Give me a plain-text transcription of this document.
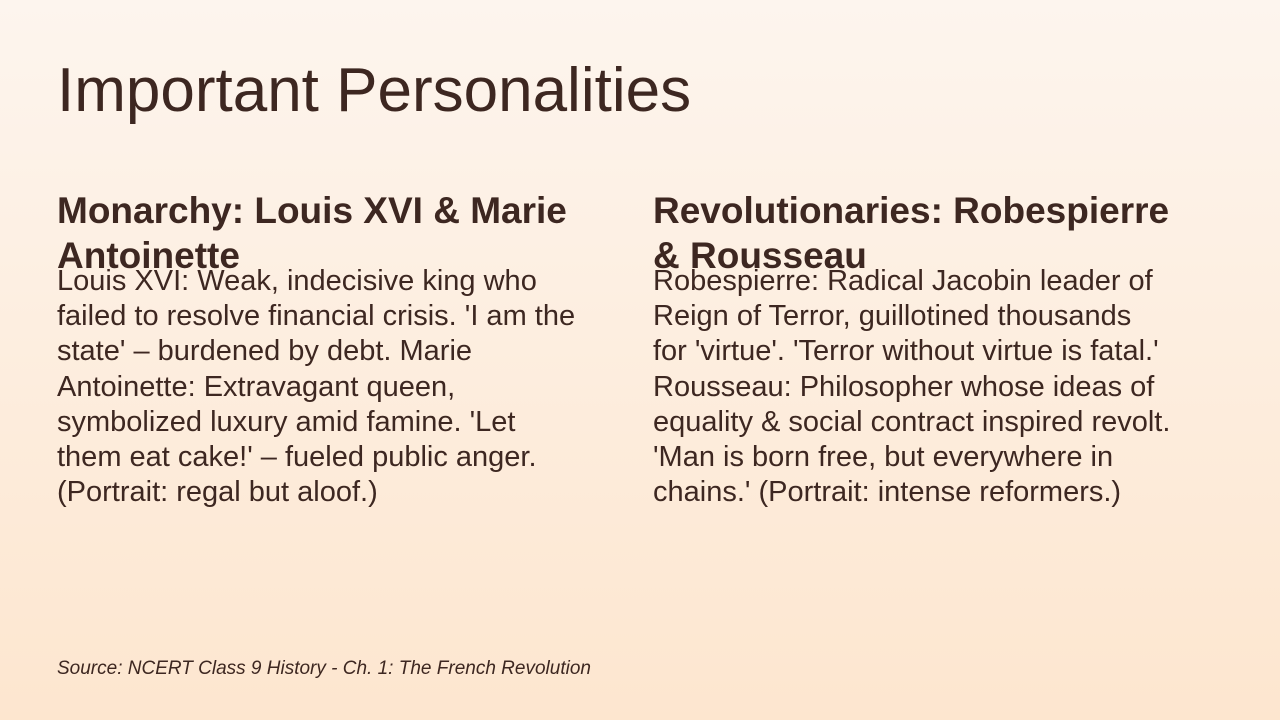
Important Personalities
Monarchy: Louis XVI & Marie Antoinette

Louis XVI: Weak, indecisive king who failed to resolve financial crisis. 'I am the state' – burdened by debt. Marie Antoinette: Extravagant queen, symbolized luxury amid famine. 'Let them eat cake!' – fueled public anger. (Portrait: regal but aloof.)

Revolutionaries: Robespierre & Rousseau

Robespierre: Radical Jacobin leader of Reign of Terror, guillotined thousands for 'virtue'. 'Terror without virtue is fatal.' Rousseau: Philosopher whose ideas of equality & social contract inspired revolt. 'Man is born free, but everywhere in chains.' (Portrait: intense reformers.)

Source: NCERT Class 9 History - Ch. 1: The French Revolution
